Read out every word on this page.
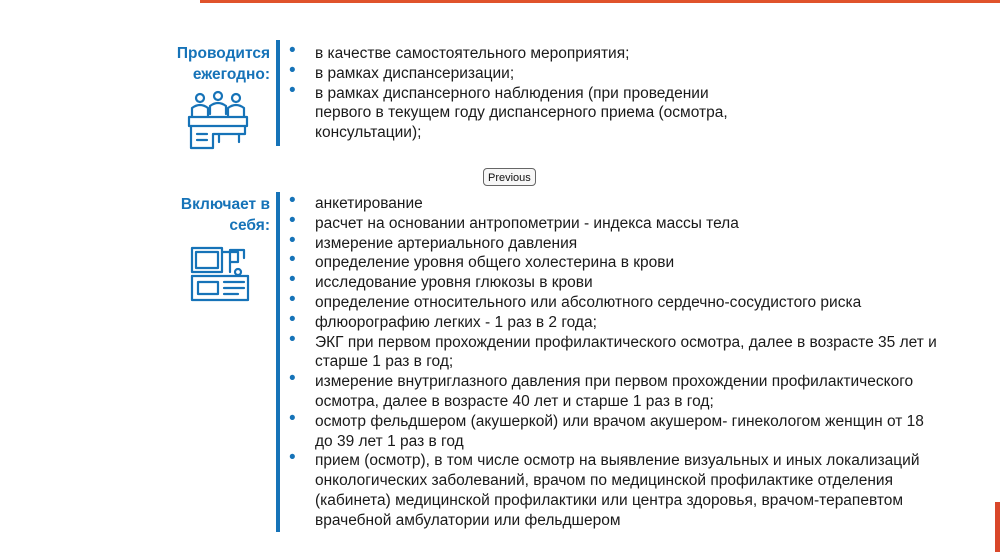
Проводится
ежегодно:
• в качестве самостоятельного мероприятия;
• в рамках диспансеризации;
• в рамках диспансерного наблюдения (при проведении первого в текущем году диспансерного приема (осмотра, консультации);
Previous
Включает в
себя:
• анкетирование
• расчет на основании антропометрии - индекса массы тела
• измерение артериального давления
• определение уровня общего холестерина в крови
• исследование уровня глюкозы в крови
• определение относительного или абсолютного сердечно-сосудистого риска
• флюорографию легких - 1 раз в 2 года;
• ЭКГ при первом прохождении профилактического осмотра, далее в возрасте 35 лет и старше 1 раз в год;
• измерение внутриглазного давления при первом прохождении профилактического осмотра, далее в возрасте 40 лет и старше 1 раз в год;
• осмотр фельдшером (акушеркой) или врачом акушером- гинекологом женщин от 18 до 39 лет 1 раз в год
• прием (осмотр), в том числе осмотр на выявление визуальных и иных локализаций онкологических заболеваний, врачом по медицинской профилактике отделения (кабинета) медицинской профилактики или центра здоровья, врачом-терапевтом врачебной амбулатории или фельдшером
